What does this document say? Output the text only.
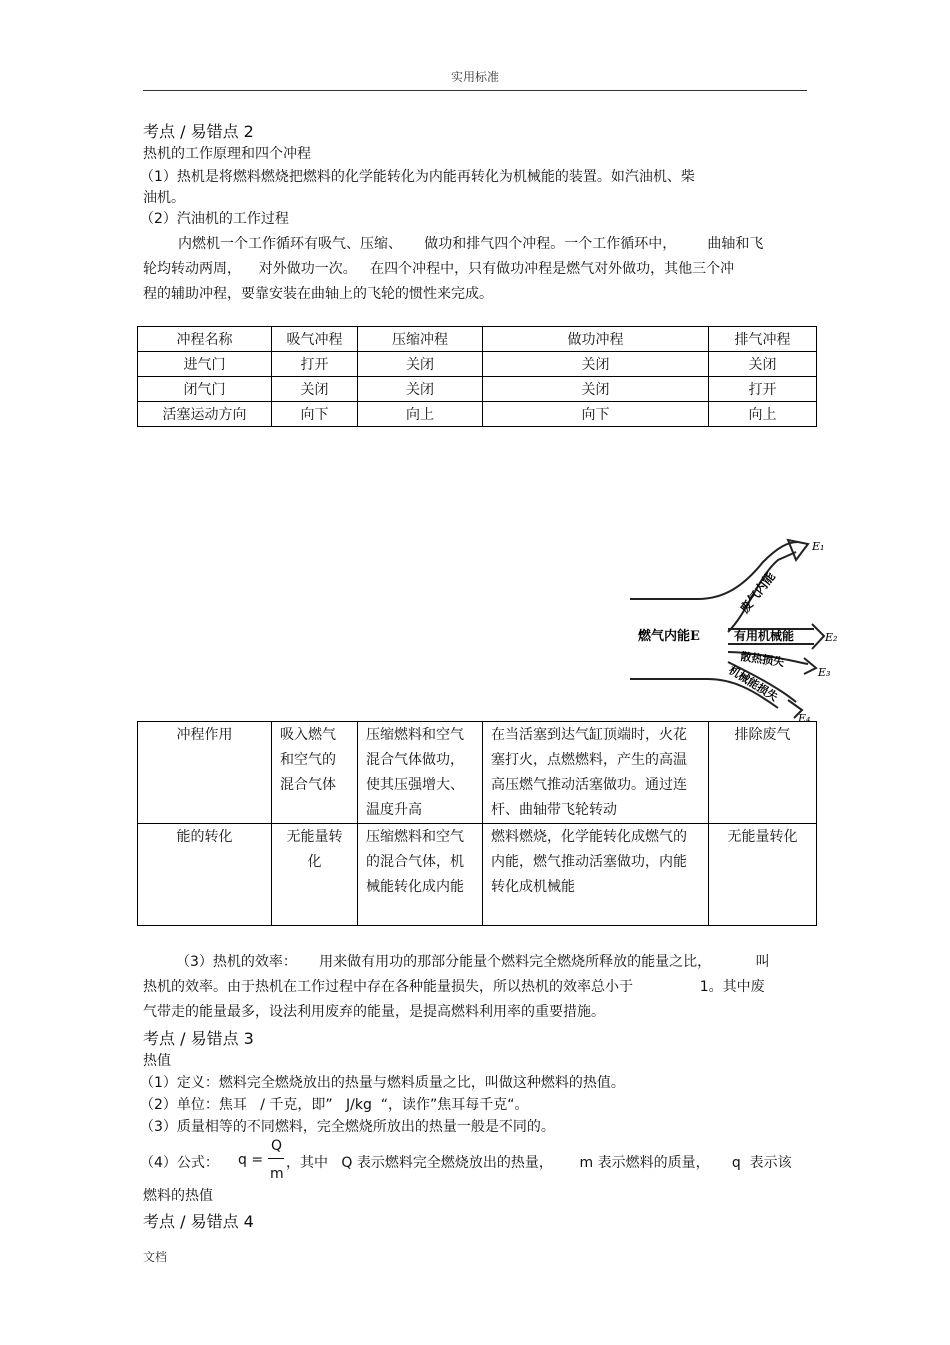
实用标准
考点 / 易错点 2
热机的工作原理和四个冲程
（1）热机是将燃料燃烧把燃料的化学能转化为内能再转化为机械能的装置。如汽油机、柴
油机。
（2）汽油机的工作过程
内燃机一个工作循环有吸气、压缩、     做功和排气四个冲程。一个工作循环中，       曲轴和飞
轮均转动两周，    对外做功一次。   在四个冲程中，只有做功冲程是燃气对外做功，其他三个冲
程的辅助冲程，要靠安装在曲轴上的飞轮的惯性来完成。
冲程名称	吸气冲程	压缩冲程	做功冲程	排气冲程
进气门	打开	关闭	关闭	关闭
闭气门	关闭	关闭	关闭	打开
活塞运动方向	向下	向上	向下	向上
燃气内能E
废气内能
有用机械能
散热损失
机械能损失
E₁
E₂
E₃
E₄
冲程作用	吸入燃气和空气的混合气体	压缩燃料和空气混合气体做功，使其压强增大、温度升高	在当活塞到达气缸顶端时，火花塞打火，点燃燃料，产生的高温高压燃气推动活塞做功。通过连杆、曲轴带飞轮转动	排除废气
能的转化	无能量转化	压缩燃料和空气的混合气体，机械能转化成内能	燃料燃烧，化学能转化成燃气的内能，燃气推动活塞做功，内能转化成机械能	无能量转化
（3）热机的效率：     用来做有用功的那部分能量个燃料完全燃烧所释放的能量之比，          叫
热机的效率。由于热机在工作过程中存在各种能量损失，所以热机的效率总小于               1。其中废
气带走的能量最多，设法利用废弃的能量，是提高燃料利用率的重要措施。
考点 / 易错点 3
热值
（1）定义：燃料完全燃烧放出的热量与燃料质量之比，叫做这种燃料的热值。
（2）单位：焦耳   / 千克，即”   J/kg  “，读作”焦耳每千克“。
（3）质量相等的不同燃料，完全燃烧所放出的热量一般是不同的。
（4）公式： q =
Q
m
，其中   Q 表示燃料完全燃烧放出的热量，      m 表示燃料的质量，     q  表示该
燃料的热值
考点 / 易错点 4
文档
